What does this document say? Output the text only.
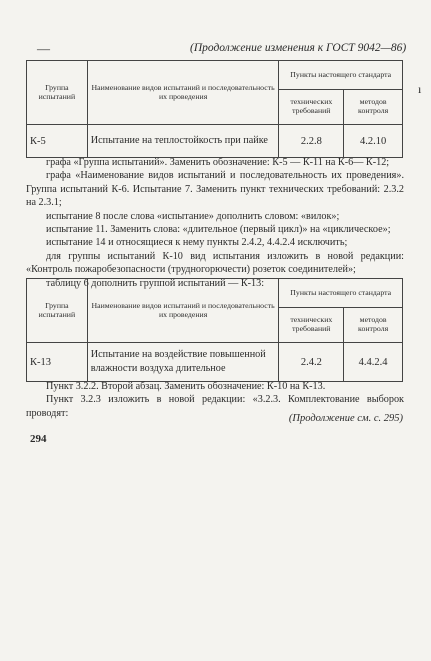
—	(Продолжение изменения к ГОСТ 9042—86)
ı
Группа испытаний	Наименование видов испытаний и последовательность их проведения	Пункты настоящего стандарта	
		технических требований	методов контроля
К-5	Испытание на теплостойкость при пайке	2.2.8	4.2.10

графа «Группа испытаний». Заменить обозначение: К-5 — К-11 на К-6— К-12;

графа «Наименование видов испытаний и последовательность их проведения». Группа испытаний К-6. Испытание 7. Заменить пункт технических требований: 2.3.2 на 2.3.1;

испытание 8 после слова «испытание» дополнить словом: «вилок»;

испытание 11. Заменить слова: «длительное (первый цикл)» на «циклическое»;

испытание 14 и относящиеся к нему пункты 2.4.2, 4.4.2.4 исключить;

для группы испытаний К-10 вид испытания изложить в новой редакции: «Контроль пожаробезопасности (трудногорючести) розеток соединителей»;

таблицу 6 дополнить группой испытаний — К-13:

Группа испытаний	Наименование видов испытаний и последовательность их проведения	Пункты настоящего стандарта	
		технических требований	методов контроля
К-13	Испытание на воздействие повышенной влажности воздуха длительное	2.4.2	4.4.2.4

Пункт 3.2.2. Второй абзац. Заменить обозначение: К-10 на К-13.

Пункт 3.2.3 изложить в новой редакции: «3.2.3. Комплектование выборок проводят:	(Продолжение см. с. 295)
294
